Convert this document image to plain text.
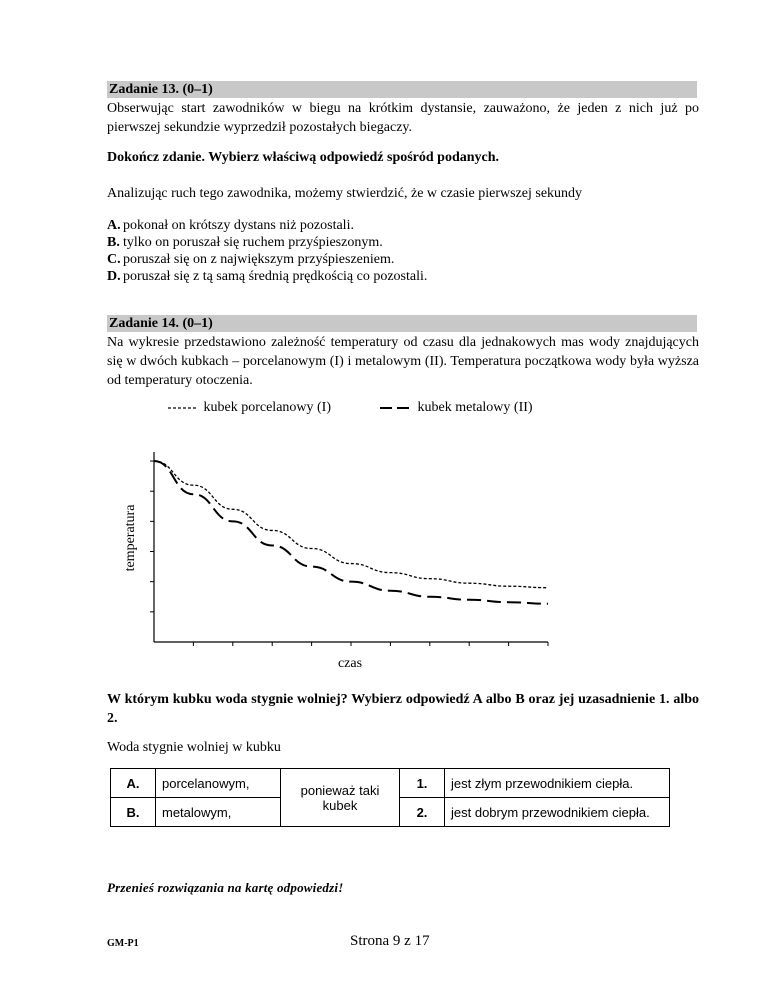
Zadanie 13. (0–1)
Obserwując start zawodników w biegu na krótkim dystansie, zauważono, że jeden z nich już po pierwszej sekundzie wyprzedził pozostałych biegaczy.
Dokończ zdanie. Wybierz właściwą odpowiedź spośród podanych.
Analizując ruch tego zawodnika, możemy stwierdzić, że w czasie pierwszej sekundy
A. pokonał on krótszy dystans niż pozostali.
B. tylko on poruszał się ruchem przyśpieszonym.
C. poruszał się on z największym przyśpieszeniem.
D. poruszał się z tą samą średnią prędkością co pozostali.
Zadanie 14. (0–1)
Na wykresie przedstawiono zależność temperatury od czasu dla jednakowych mas wody znajdujących się w dwóch kubkach – porcelanowym (I) i metalowym (II). Temperatura początkowa wody była wyższa od temperatury otoczenia.
kubek porcelanowy (I)	kubek metalowy (II)
czas
temperatura
W którym kubku woda stygnie wolniej? Wybierz odpowiedź A albo B oraz jej uzasadnienie 1. albo 2.
Woda stygnie wolniej w kubku
A.	porcelanowym,	ponieważ taki kubek	1.	jest złym przewodnikiem ciepła.
B.	metalowym,		2.	jest dobrym przewodnikiem ciepła.
Przenieś rozwiązania na kartę odpowiedzi!
GM-P1	Strona 9 z 17
